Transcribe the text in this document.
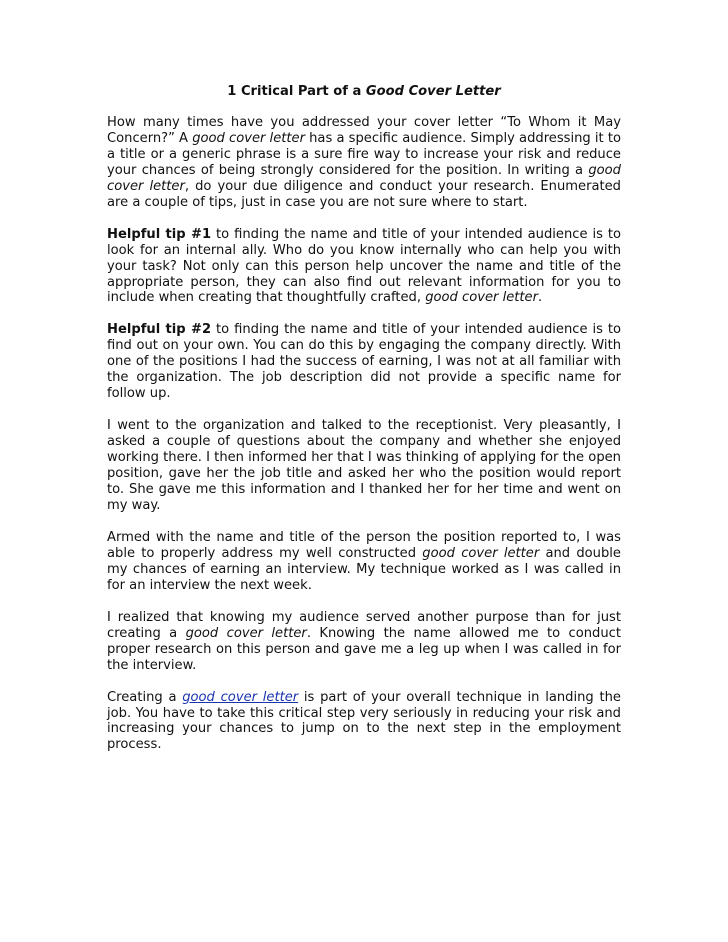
1 Critical Part of a Good Cover Letter

How many times have you addressed your cover letter “To Whom it May Concern?” A good cover letter has a specific audience. Simply addressing it to a title or a generic phrase is a sure fire way to increase your risk and reduce your chances of being strongly considered for the position. In writing a good cover letter, do your due diligence and conduct your research. Enumerated are a couple of tips, just in case you are not sure where to start.

Helpful tip #1 to finding the name and title of your intended audience is to look for an internal ally. Who do you know internally who can help you with your task? Not only can this person help uncover the name and title of the appropriate person, they can also find out relevant information for you to include when creating that thoughtfully crafted, good cover letter.

Helpful tip #2 to finding the name and title of your intended audience is to find out on your own. You can do this by engaging the company directly. With one of the positions I had the success of earning, I was not at all familiar with the organization. The job description did not provide a specific name for follow up.

I went to the organization and talked to the receptionist. Very pleasantly, I asked a couple of questions about the company and whether she enjoyed working there. I then informed her that I was thinking of applying for the open position, gave her the job title and asked her who the position would report to. She gave me this information and I thanked her for her time and went on my way.

Armed with the name and title of the person the position reported to, I was able to properly address my well constructed good cover letter and double my chances of earning an interview. My technique worked as I was called in for an interview the next week.

I realized that knowing my audience served another purpose than for just creating a good cover letter. Knowing the name allowed me to conduct proper research on this person and gave me a leg up when I was called in for the interview.

Creating a good cover letter is part of your overall technique in landing the job. You have to take this critical step very seriously in reducing your risk and increasing your chances to jump on to the next step in the employment process.
